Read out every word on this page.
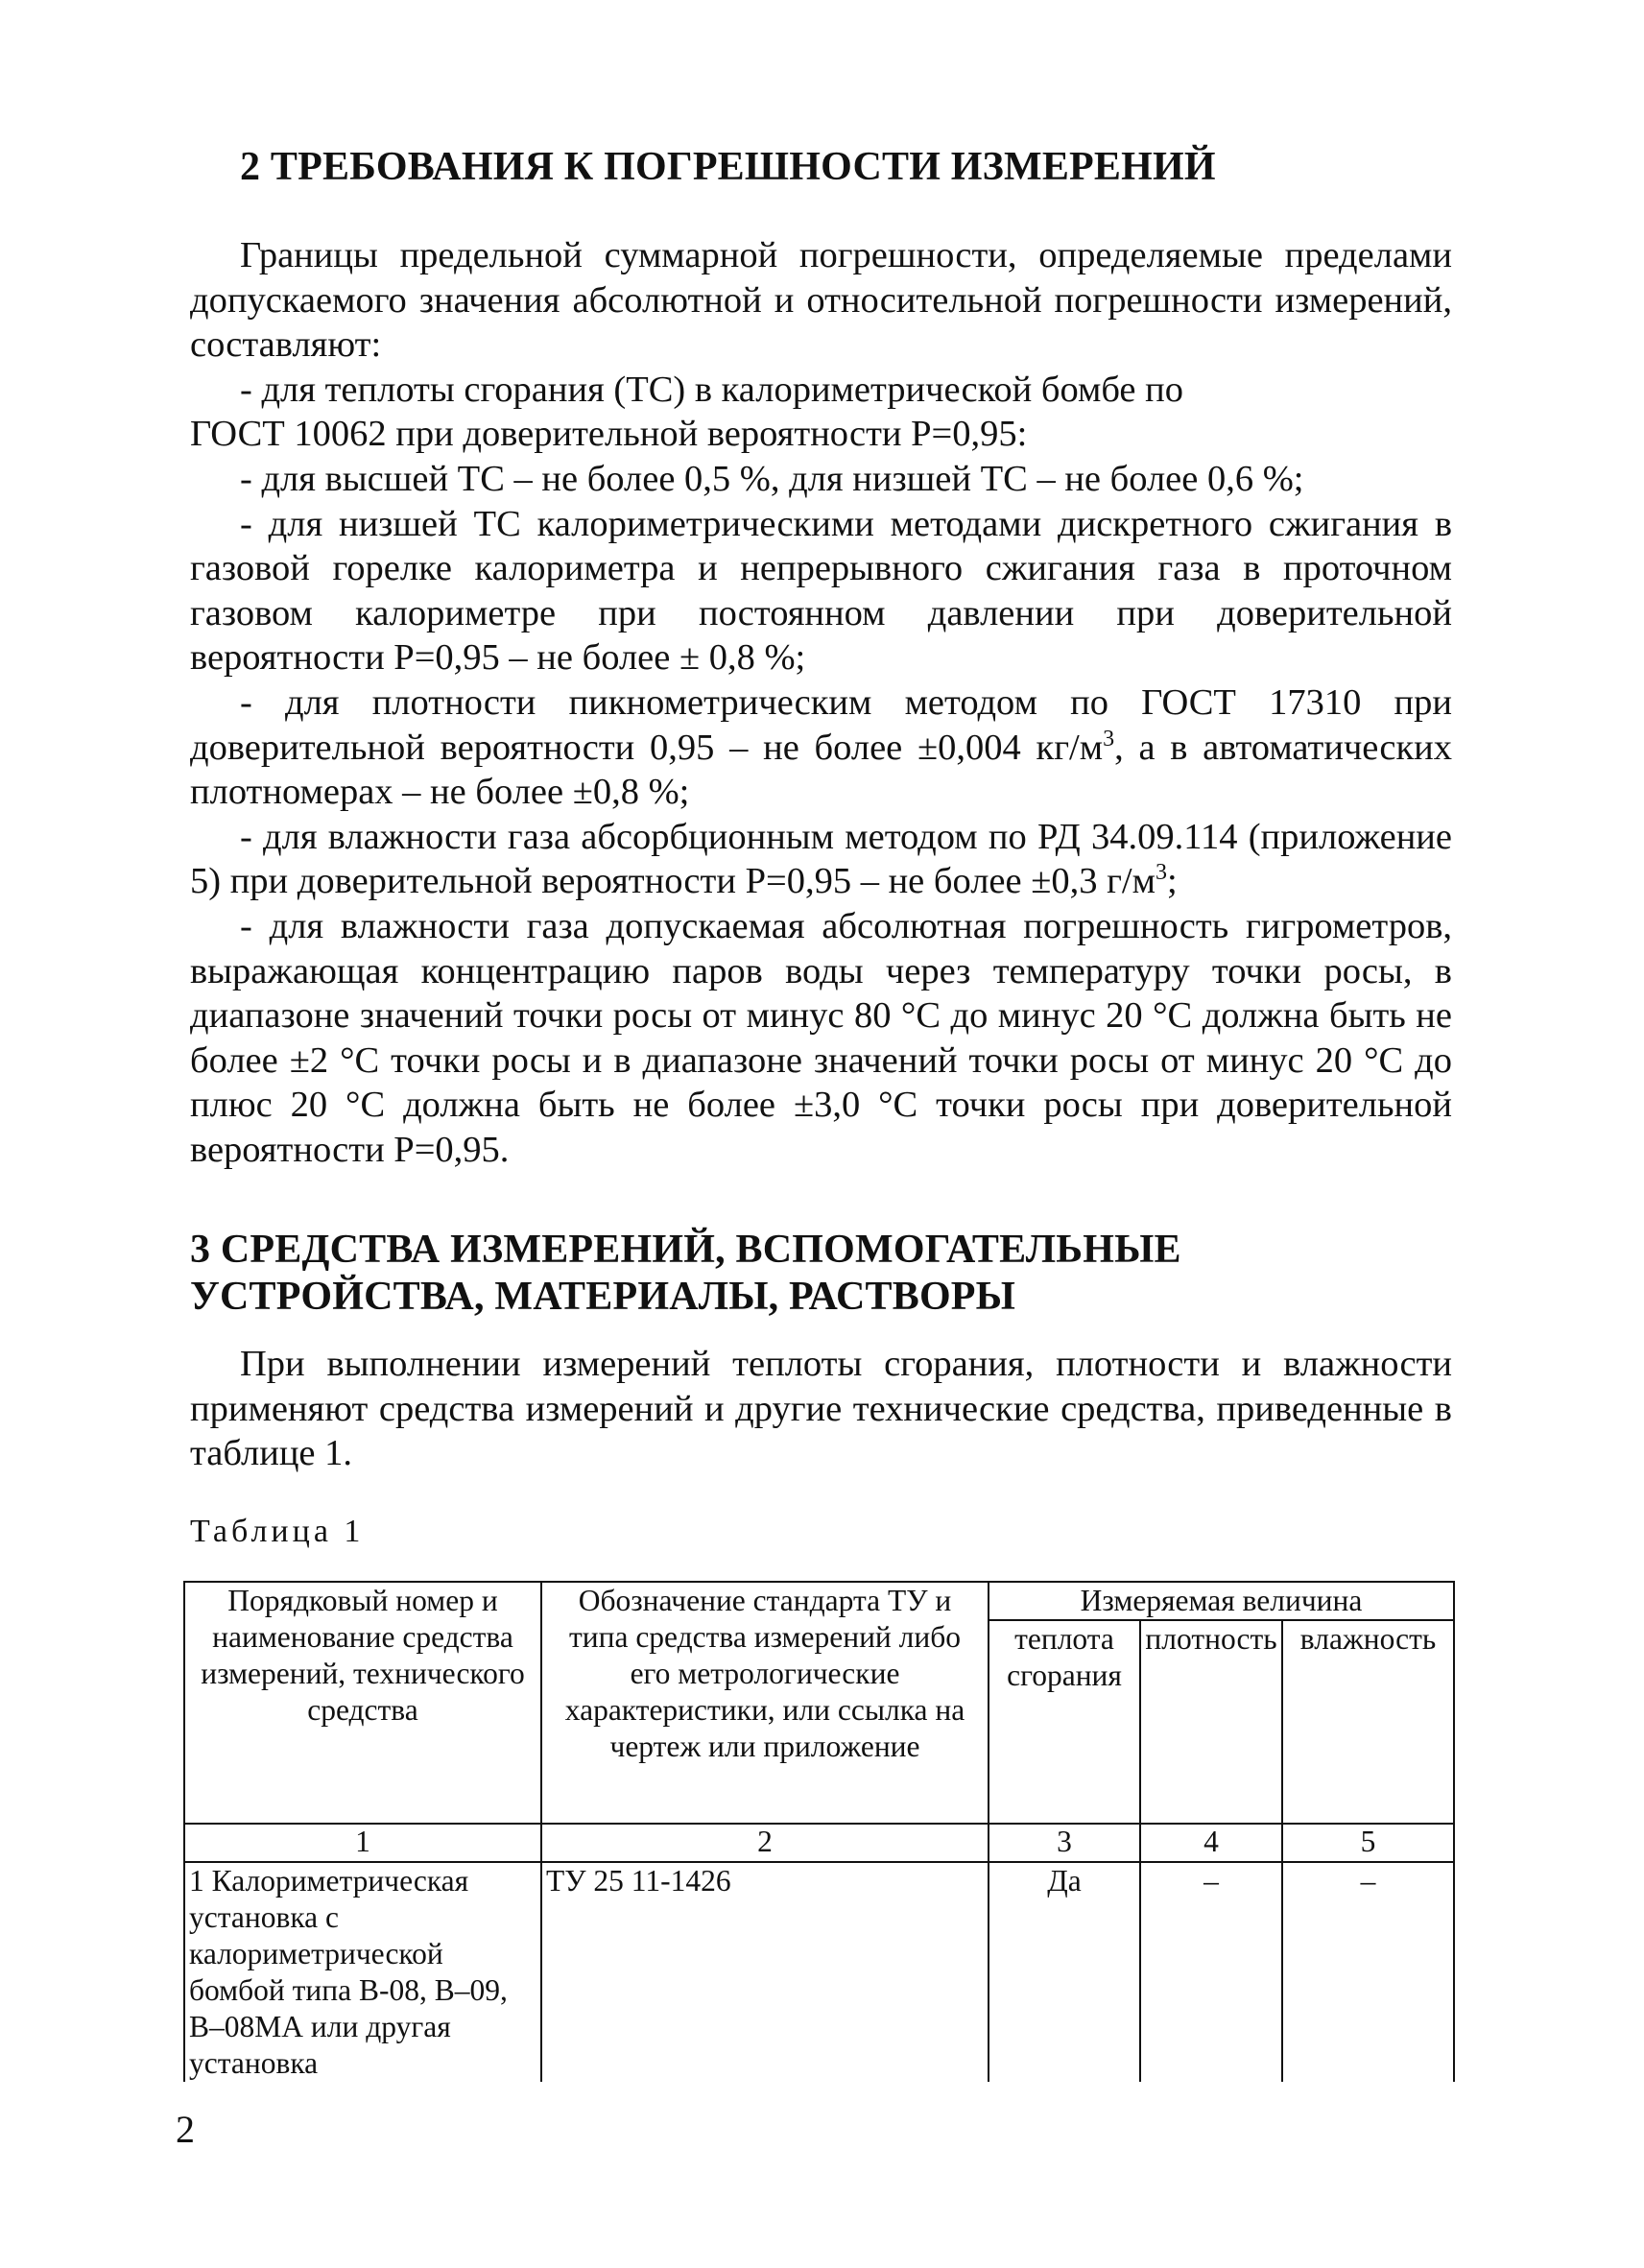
2 ТРЕБОВАНИЯ К ПОГРЕШНОСТИ ИЗМЕРЕНИЙ

Границы предельной суммарной погрешности, определяемые пределами допускаемого значения абсолютной и относительной погрешности измерений, составляют:

- для теплоты сгорания (ТС) в калориметрической бомбе по

ГОСТ 10062 при доверительной вероятности P=0,95:

- для высшей ТС – не более 0,5 %, для низшей ТС – не более 0,6 %;

- для низшей ТС калориметрическими методами дискретного сжигания в газовой горелке калориметра и непрерывного сжигания газа в проточном газовом калориметре при постоянном давлении при доверительной вероятности P=0,95 – не более ± 0,8 %;

- для плотности пикнометрическим методом по ГОСТ 17310 при доверительной вероятности 0,95 – не более ±0,004 $кг/м^3$, а в автоматических плотномерах – не более ±0,8 %;

- для влажности газа абсорбционным методом по РД 34.09.114 (приложение 5) при доверительной вероятности P=0,95 – не более ±0,3 $г/м^3$;

- для влажности газа допускаемая абсолютная погрешность гигрометров, выражающая концентрацию паров воды через температуру точки росы, в диапазоне значений точки росы от минус 80 °C до минус 20 °C должна быть не более ±2 °C точки росы и в диапазоне значений точки росы от минус 20 °C до плюс 20 °C должна быть не более ±3,0 °C точки росы при доверительной вероятности P=0,95.

3 СРЕДСТВА ИЗМЕРЕНИЙ, ВСПОМОГАТЕЛЬНЫЕ
УСТРОЙСТВА, МАТЕРИАЛЫ, РАСТВОРЫ

При выполнении измерений теплоты сгорания, плотности и влажности применяют средства измерений и другие технические средства, приведенные в таблице 1.

Таблица 1
Порядковый номер и наименование средства измерений, технического средства	Обозначение стандарта ТУ и типа средства измерений либо его метрологические характеристики, или ссылка на чертеж или приложение	Измеряемая величина		
		теплота сгорания	плотность	влажность
1	2	3	4	5
1 Калориметрическая установка с калориметрической бомбой типа В-08, В–09, В–08МА или другая установка	ТУ 25 11-1426	Да	–	–
2
